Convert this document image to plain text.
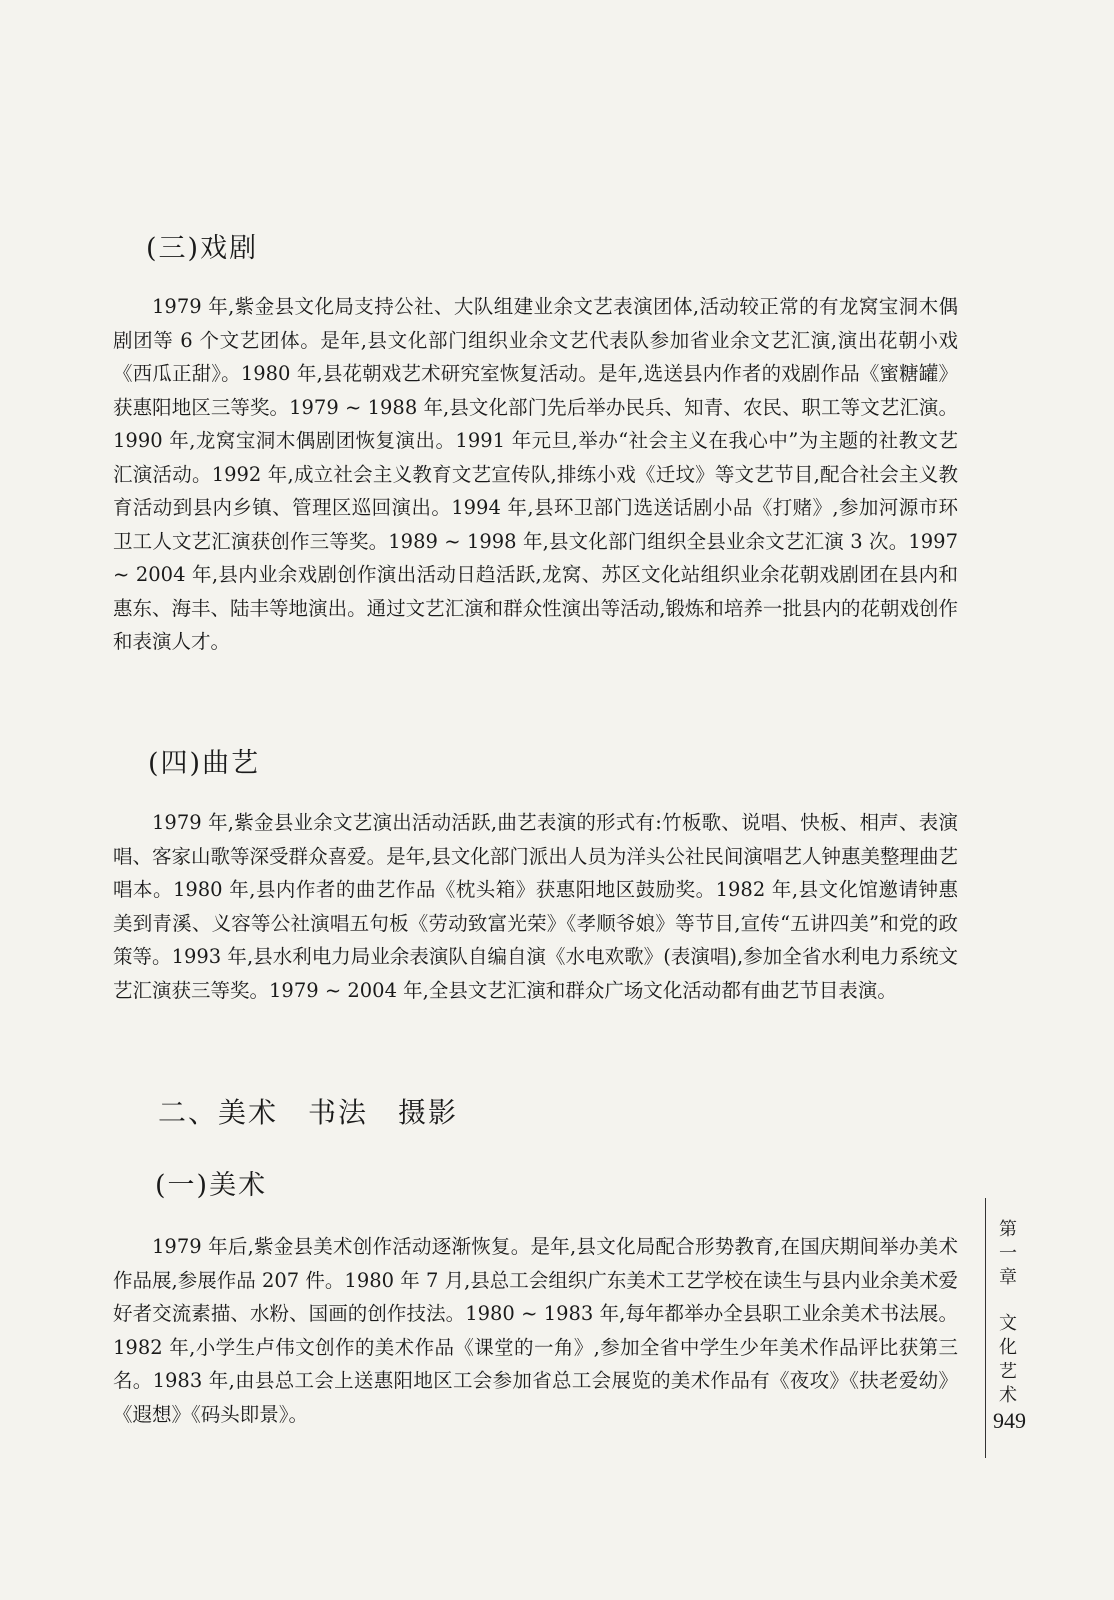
(三)戏剧

1979 年,紫金县文化局支持公社、大队组建业余文艺表演团体,活动较正常的有龙窝宝洞木偶剧团等 6 个文艺团体。是年,县文化部门组织业余文艺代表队参加省业余文艺汇演,演出花朝小戏《西瓜正甜》。1980 年,县花朝戏艺术研究室恢复活动。是年,选送县内作者的戏剧作品《蜜糖罐》获惠阳地区三等奖。1979 ~ 1988 年,县文化部门先后举办民兵、知青、农民、职工等文艺汇演。1990 年,龙窝宝洞木偶剧团恢复演出。1991 年元旦,举办“社会主义在我心中”为主题的社教文艺汇演活动。1992 年,成立社会主义教育文艺宣传队,排练小戏《迁坟》等文艺节目,配合社会主义教育活动到县内乡镇、管理区巡回演出。1994 年,县环卫部门选送话剧小品《打赌》,参加河源市环卫工人文艺汇演获创作三等奖。1989 ~ 1998 年,县文化部门组织全县业余文艺汇演 3 次。1997 ~ 2004 年,县内业余戏剧创作演出活动日趋活跃,龙窝、苏区文化站组织业余花朝戏剧团在县内和惠东、海丰、陆丰等地演出。通过文艺汇演和群众性演出等活动,锻炼和培养一批县内的花朝戏创作和表演人才。

(四)曲艺

1979 年,紫金县业余文艺演出活动活跃,曲艺表演的形式有:竹板歌、说唱、快板、相声、表演唱、客家山歌等深受群众喜爱。是年,县文化部门派出人员为洋头公社民间演唱艺人钟惠美整理曲艺唱本。1980 年,县内作者的曲艺作品《枕头箱》获惠阳地区鼓励奖。1982 年,县文化馆邀请钟惠美到青溪、义容等公社演唱五句板《劳动致富光荣》《孝顺爷娘》等节目,宣传“五讲四美”和党的政策等。1993 年,县水利电力局业余表演队自编自演《水电欢歌》(表演唱),参加全省水利电力系统文艺汇演获三等奖。1979 ~ 2004 年,全县文艺汇演和群众广场文化活动都有曲艺节目表演。

二、美术　书法　摄影
(一)美术

1979 年后,紫金县美术创作活动逐渐恢复。是年,县文化局配合形势教育,在国庆期间举办美术作品展,参展作品 207 件。1980 年 7 月,县总工会组织广东美术工艺学校在读生与县内业余美术爱好者交流素描、水粉、国画的创作技法。1980 ~ 1983 年,每年都举办全县职工业余美术书法展。1982 年,小学生卢伟文创作的美术作品《课堂的一角》,参加全省中学生少年美术作品评比获第三名。1983 年,由县总工会上送惠阳地区工会参加省总工会展览的美术作品有《夜攻》《扶老爱幼》《遐想》《码头即景》。

第一章
文化艺术
949
